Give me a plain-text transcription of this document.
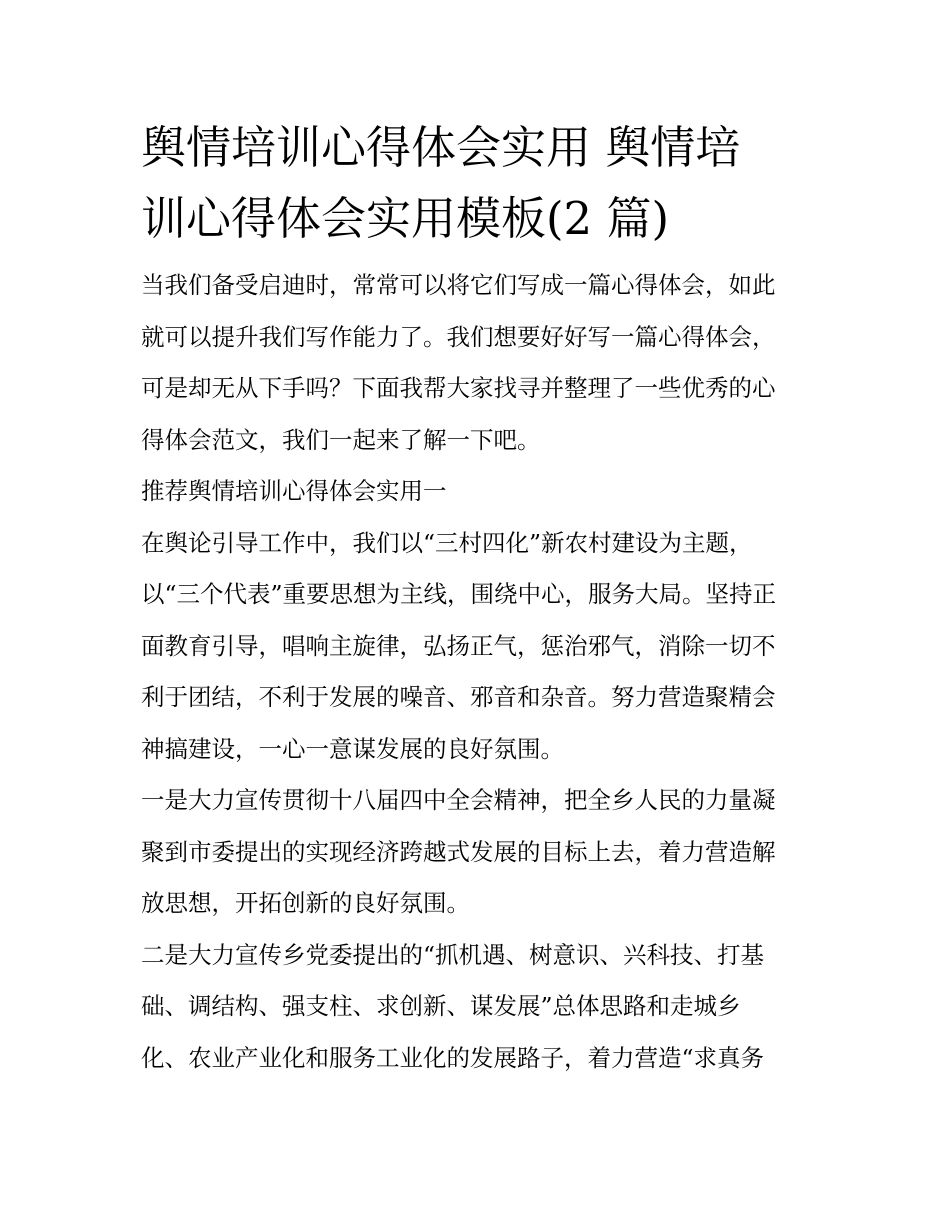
舆情培训心得体会实用 舆情培
训心得体会实用模板(2 篇)

当我们备受启迪时，常常可以将它们写成一篇心得体会，如此
就可以提升我们写作能力了。我们想要好好写一篇心得体会，
可是却无从下手吗？下面我帮大家找寻并整理了一些优秀的心
得体会范文，我们一起来了解一下吧。

推荐舆情培训心得体会实用一

在舆论引导工作中，我们以“三村四化”新农村建设为主题，
以“三个代表”重要思想为主线，围绕中心，服务大局。坚持正
面教育引导，唱响主旋律，弘扬正气，惩治邪气，消除一切不
利于团结，不利于发展的噪音、邪音和杂音。努力营造聚精会
神搞建设，一心一意谋发展的良好氛围。

一是大力宣传贯彻十八届四中全会精神，把全乡人民的力量凝
聚到市委提出的实现经济跨越式发展的目标上去，着力营造解
放思想，开拓创新的良好氛围。

二是大力宣传乡党委提出的“抓机遇、树意识、兴科技、打基
础、调结构、强支柱、求创新、谋发展”总体思路和走城乡
化、农业产业化和服务工业化的发展路子，着力营造“求真务
